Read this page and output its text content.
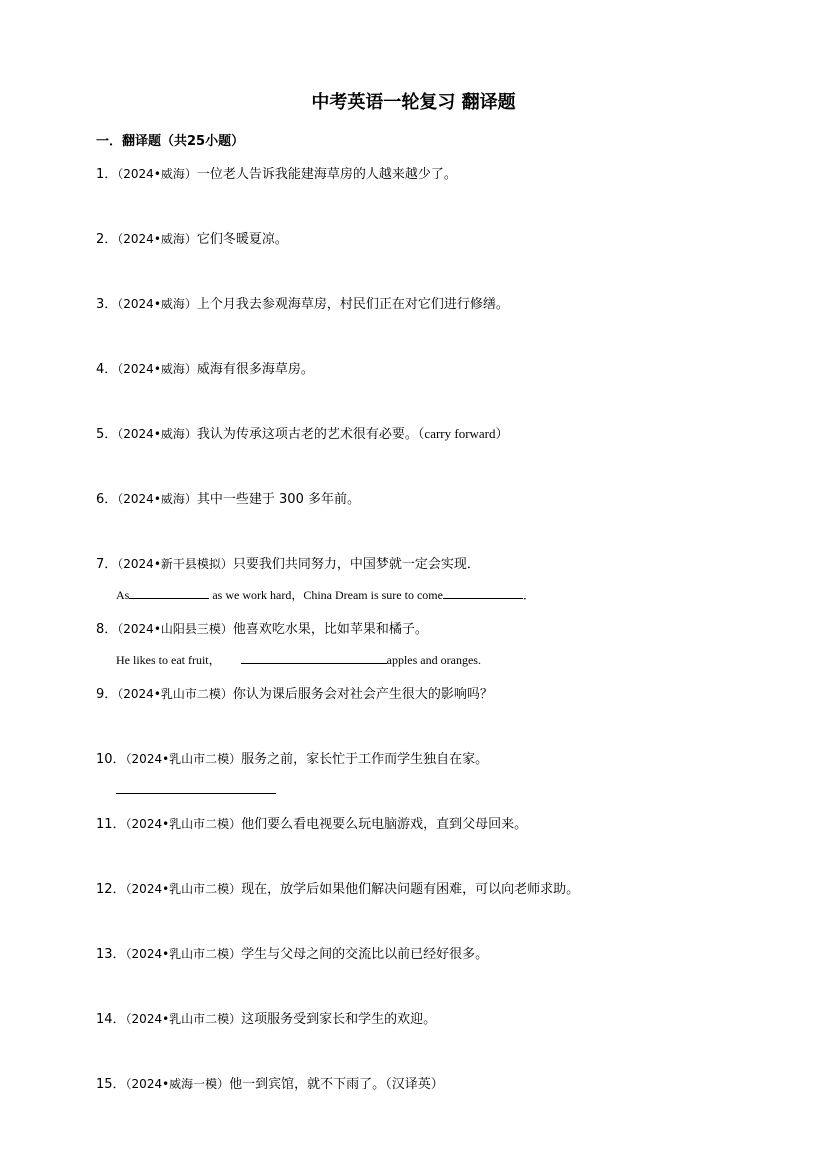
中考英语一轮复习 翻译题
一．翻译题（共25小题）
1．（2024•威海）一位老人告诉我能建海草房的人越来越少了。
2．（2024•威海）它们冬暖夏凉。
3．（2024•威海）上个月我去参观海草房，村民们正在对它们进行修缮。
4．（2024•威海）威海有很多海草房。
5．（2024•威海）我认为传承这项古老的艺术很有必要。（carry forward）
6．（2024•威海）其中一些建于 300 多年前。
7．（2024•新干县模拟）只要我们共同努力，中国梦就一定会实现．
As	as we work hard，China Dream is sure to come	．
8．（2024•山阳县三模）他喜欢吃水果，比如苹果和橘子。
He likes to eat fruit，	apples and oranges.
9．（2024•乳山市二模）你认为课后服务会对社会产生很大的影响吗？
10．（2024•乳山市二模）服务之前，家长忙于工作而学生独自在家。
11．（2024•乳山市二模）他们要么看电视要么玩电脑游戏，直到父母回来。
12．（2024•乳山市二模）现在，放学后如果他们解决问题有困难，可以向老师求助。
13．（2024•乳山市二模）学生与父母之间的交流比以前已经好很多。
14．（2024•乳山市二模）这项服务受到家长和学生的欢迎。
15．（2024•威海一模）他一到宾馆，就不下雨了。（汉译英）
